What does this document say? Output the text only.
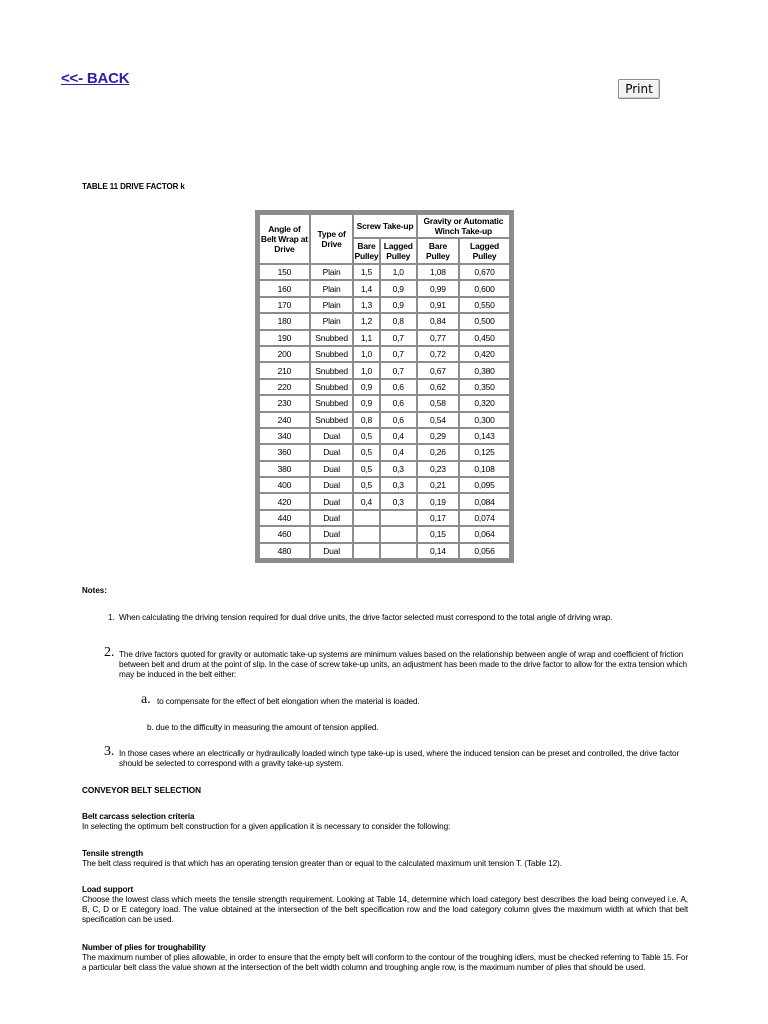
<<- BACK
Print
TABLE 11 DRIVE FACTOR k
Angle of Belt Wrap at Drive	Type of Drive	Screw Take-up		Gravity or Automatic Winch Take-up	
		Bare Pulley	Lagged Pulley	Bare Pulley	Lagged Pulley
150	Plain	1,5	1,0	1,08	0,670
160	Plain	1,4	0,9	0,99	0,600
170	Plain	1,3	0,9	0,91	0,550
180	Plain	1,2	0,8	0,84	0,500
190	Snubbed	1,1	0,7	0,77	0,450
200	Snubbed	1,0	0,7	0,72	0,420
210	Snubbed	1,0	0,7	0,67	0,380
220	Snubbed	0,9	0,6	0,62	0,350
230	Snubbed	0,9	0,6	0,58	0,320
240	Snubbed	0,8	0,6	0,54	0,300
340	Dual	0,5	0,4	0,29	0,143
360	Dual	0,5	0,4	0,26	0,125
380	Dual	0,5	0,3	0,23	0,108
400	Dual	0,5	0,3	0,21	0,095
420	Dual	0,4	0,3	0,19	0,084
440	Dual			0,17	0,074
460	Dual			0,15	0,064
480	Dual			0,14	0,056
Notes:
1. When calculating the driving tension required for dual drive units, the drive factor selected must correspond to the total angle of driving wrap.
2. The drive factors quoted for gravity or automatic take-up systems are minimum values based on the relationship between angle of wrap and coefficient of friction between belt and drum at the point of slip. In the case of screw take-up units, an adjustment has been made to the drive factor to allow for the extra tension which may be induced in the belt either:
a. to compensate for the effect of belt elongation when the material is loaded.
b. due to the difficulty in measuring the amount of tension applied.
3. In those cases where an electrically or hydraulically loaded winch type take-up is used, where the induced tension can be preset and controlled, the drive factor should be selected to correspond with a gravity take-up system.
CONVEYOR BELT SELECTION
Belt carcass selection criteria
In selecting the optimum belt construction for a given application it is necessary to consider the following:
Tensile strength
The belt class required is that which has an operating tension greater than or equal to the calculated maximum unit tension T. (Table 12).
Load support
Choose the lowest class which meets the tensile strength requirement. Looking at Table 14, determine which load category best describes the load being conveyed i.e. A, B, C, D or E category load. The value obtained at the intersection of the belt specification row and the load category column gives the maximum width at which that belt specification can be used.
Number of plies for troughability
The maximum number of plies allowable, in order to ensure that the empty belt will conform to the contour of the troughing idlers, must be checked referring to Table 15. For a particular belt class the value shown at the intersection of the belt width column and troughing angle row, is the maximum number of plies that should be used.
